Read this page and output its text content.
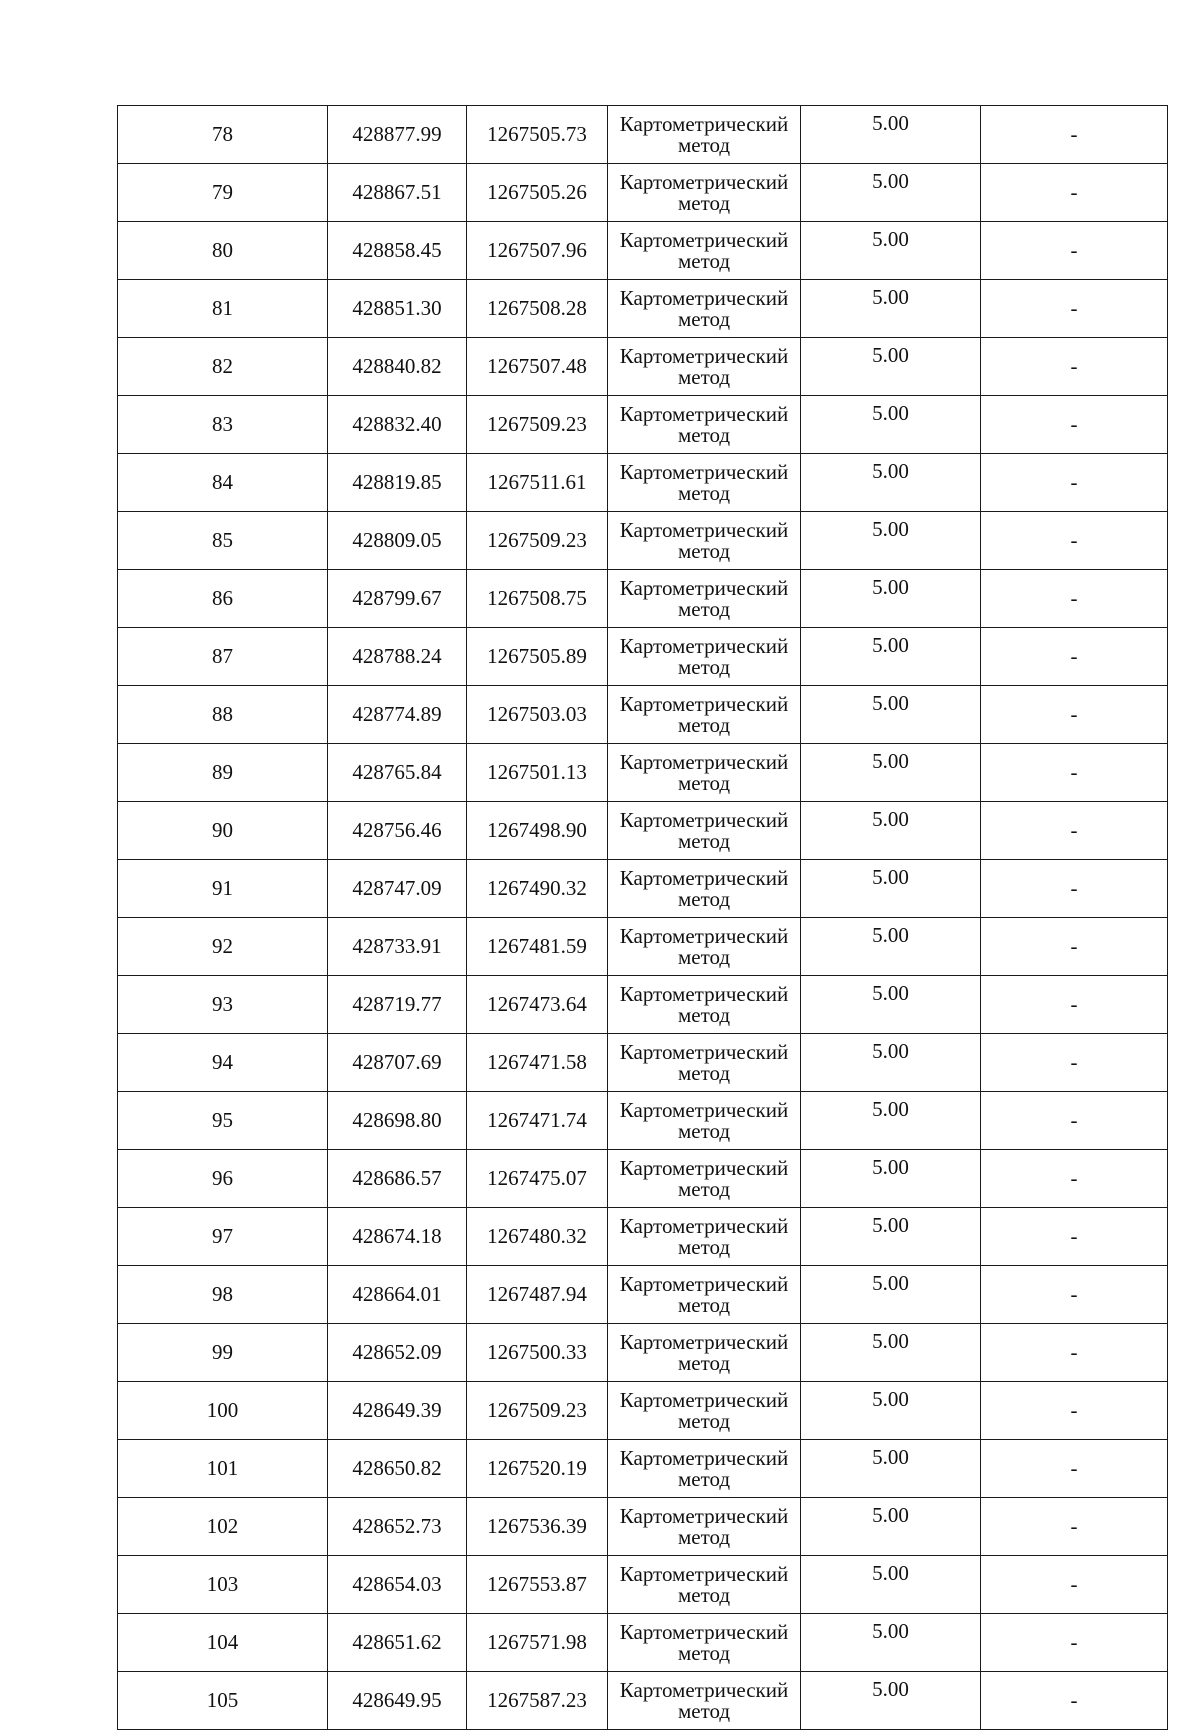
78	428877.99	1267505.73	Картометрический
метод	5.00	-
79	428867.51	1267505.26	Картометрический
метод	5.00	-
80	428858.45	1267507.96	Картометрический
метод	5.00	-
81	428851.30	1267508.28	Картометрический
метод	5.00	-
82	428840.82	1267507.48	Картометрический
метод	5.00	-
83	428832.40	1267509.23	Картометрический
метод	5.00	-
84	428819.85	1267511.61	Картометрический
метод	5.00	-
85	428809.05	1267509.23	Картометрический
метод	5.00	-
86	428799.67	1267508.75	Картометрический
метод	5.00	-
87	428788.24	1267505.89	Картометрический
метод	5.00	-
88	428774.89	1267503.03	Картометрический
метод	5.00	-
89	428765.84	1267501.13	Картометрический
метод	5.00	-
90	428756.46	1267498.90	Картометрический
метод	5.00	-
91	428747.09	1267490.32	Картометрический
метод	5.00	-
92	428733.91	1267481.59	Картометрический
метод	5.00	-
93	428719.77	1267473.64	Картометрический
метод	5.00	-
94	428707.69	1267471.58	Картометрический
метод	5.00	-
95	428698.80	1267471.74	Картометрический
метод	5.00	-
96	428686.57	1267475.07	Картометрический
метод	5.00	-
97	428674.18	1267480.32	Картометрический
метод	5.00	-
98	428664.01	1267487.94	Картометрический
метод	5.00	-
99	428652.09	1267500.33	Картометрический
метод	5.00	-
100	428649.39	1267509.23	Картометрический
метод	5.00	-
101	428650.82	1267520.19	Картометрический
метод	5.00	-
102	428652.73	1267536.39	Картометрический
метод	5.00	-
103	428654.03	1267553.87	Картометрический
метод	5.00	-
104	428651.62	1267571.98	Картометрический
метод	5.00	-
105	428649.95	1267587.23	Картометрический
метод	5.00	-
